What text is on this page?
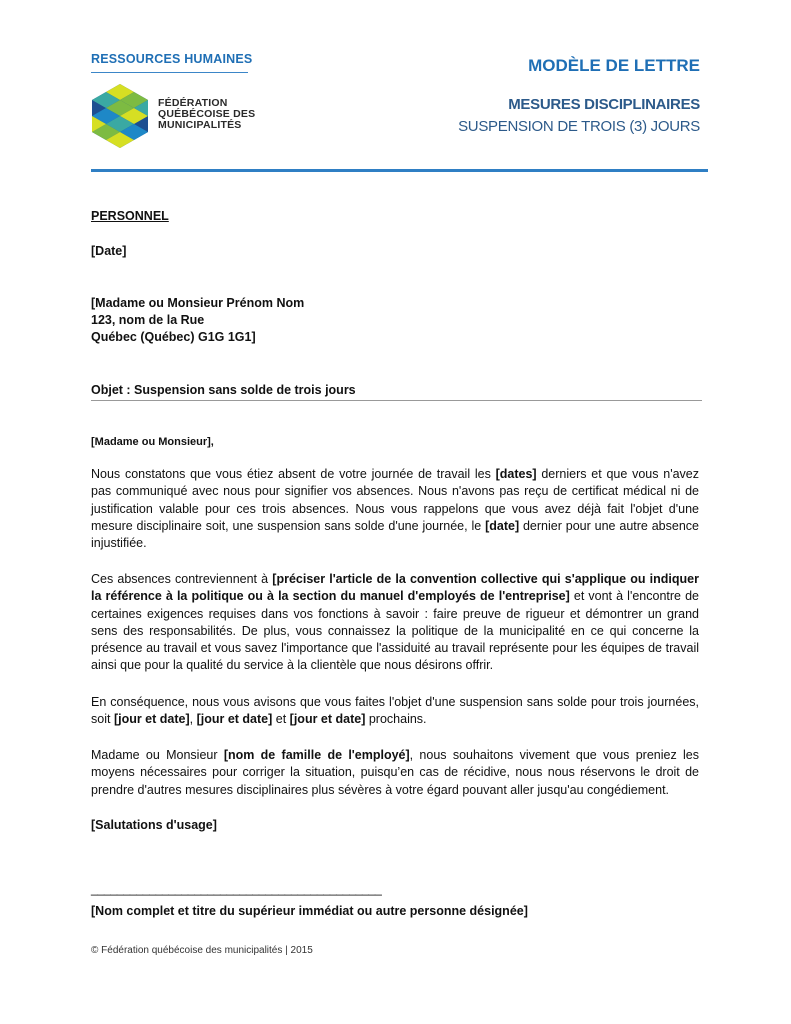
RESSOURCES HUMAINES
FÉDÉRATION
QUÉBÉCOISE DES
MUNICIPALITÉS
MODÈLE DE LETTRE
MESURES DISCIPLINAIRES
SUSPENSION DE TROIS (3) JOURS
PERSONNEL
[Date]
[Madame ou Monsieur Prénom Nom
123, nom de la Rue
Québec (Québec) G1G 1G1]
Objet : Suspension sans solde de trois jours
[Madame ou Monsieur],
Nous constatons que vous étiez absent de votre journée de travail les [dates] derniers et que vous n'avez pas communiqué avec nous pour signifier vos absences. Nous n'avons pas reçu de certificat médical ni de justification valable pour ces trois absences. Nous vous rappelons que vous avez déjà fait l'objet d'une mesure disciplinaire soit, une suspension sans solde d'une journée, le [date] dernier pour une autre absence injustifiée.
Ces absences contreviennent à [préciser l'article de la convention collective qui s'applique ou indiquer la référence à la politique ou à la section du manuel d'employés de l'entreprise] et vont à l'encontre de certaines exigences requises dans vos fonctions à savoir : faire preuve de rigueur et démontrer un grand sens des responsabilités. De plus, vous connaissez la politique de la municipalité en ce qui concerne la présence au travail et vous savez l'importance que l'assiduité au travail représente pour les équipes de travail ainsi que pour la qualité du service à la clientèle que nous désirons offrir.
En conséquence, nous vous avisons que vous faites l'objet d'une suspension sans solde pour trois journées, soit [jour et date], [jour et date] et [jour et date] prochains.
Madame ou Monsieur [nom de famille de l'employé], nous souhaitons vivement que vous preniez les moyens nécessaires pour corriger la situation, puisqu’en cas de récidive, nous nous réservons le droit de prendre d'autres mesures disciplinaires plus sévères à votre égard pouvant aller jusqu'au congédiement.
[Salutations d'usage]
_____________________________________________
[Nom complet et titre du supérieur immédiat ou autre personne désignée]
© Fédération québécoise des municipalités | 2015
